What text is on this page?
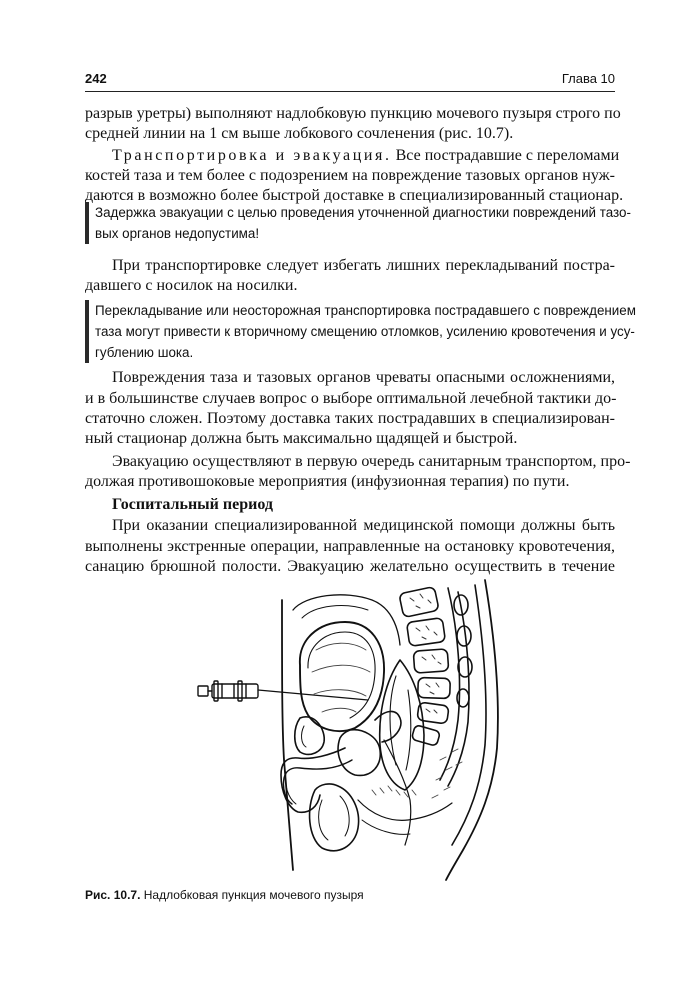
242	Глава 10

разрыв уретры) выполняют надлобковую пункцию мочевого пузыря строго по

средней линии на 1 см выше лобкового сочленения (рис. 10.7).

Транспортировка и эвакуация. Все пострадавшие с переломами

костей таза и тем более с подозрением на повреждение тазовых органов нуж-

даются в возможно более быстрой доставке в специализированный стационар.

Задержка эвакуации с целью проведения уточненной диагностики повреждений тазо-

вых органов недопустима!

При транспортировке следует избегать лишних перекладываний постра-

давшего с носилок на носилки.

Перекладывание или неосторожная транспортировка пострадавшего с повреждением

таза могут привести к вторичному смещению отломков, усилению кровотечения и усу-

гублению шока.

Повреждения таза и тазовых органов чреваты опасными осложнениями,

и в большинстве случаев вопрос о выборе оптимальной лечебной тактики до-

статочно сложен. Поэтому доставка таких пострадавших в специализирован-

ный стационар должна быть максимально щадящей и быстрой.

Эвакуацию осуществляют в первую очередь санитарным транспортом, про-

должая противошоковые мероприятия (инфузионная терапия) по пути.

Госпитальный период

При оказании специализированной медицинской помощи должны быть

выполнены экстренные операции, направленные на остановку кровотечения,

санацию брюшной полости. Эвакуацию желательно осуществить в течение

Рис. 10.7. Надлобковая пункция мочевого пузыря
